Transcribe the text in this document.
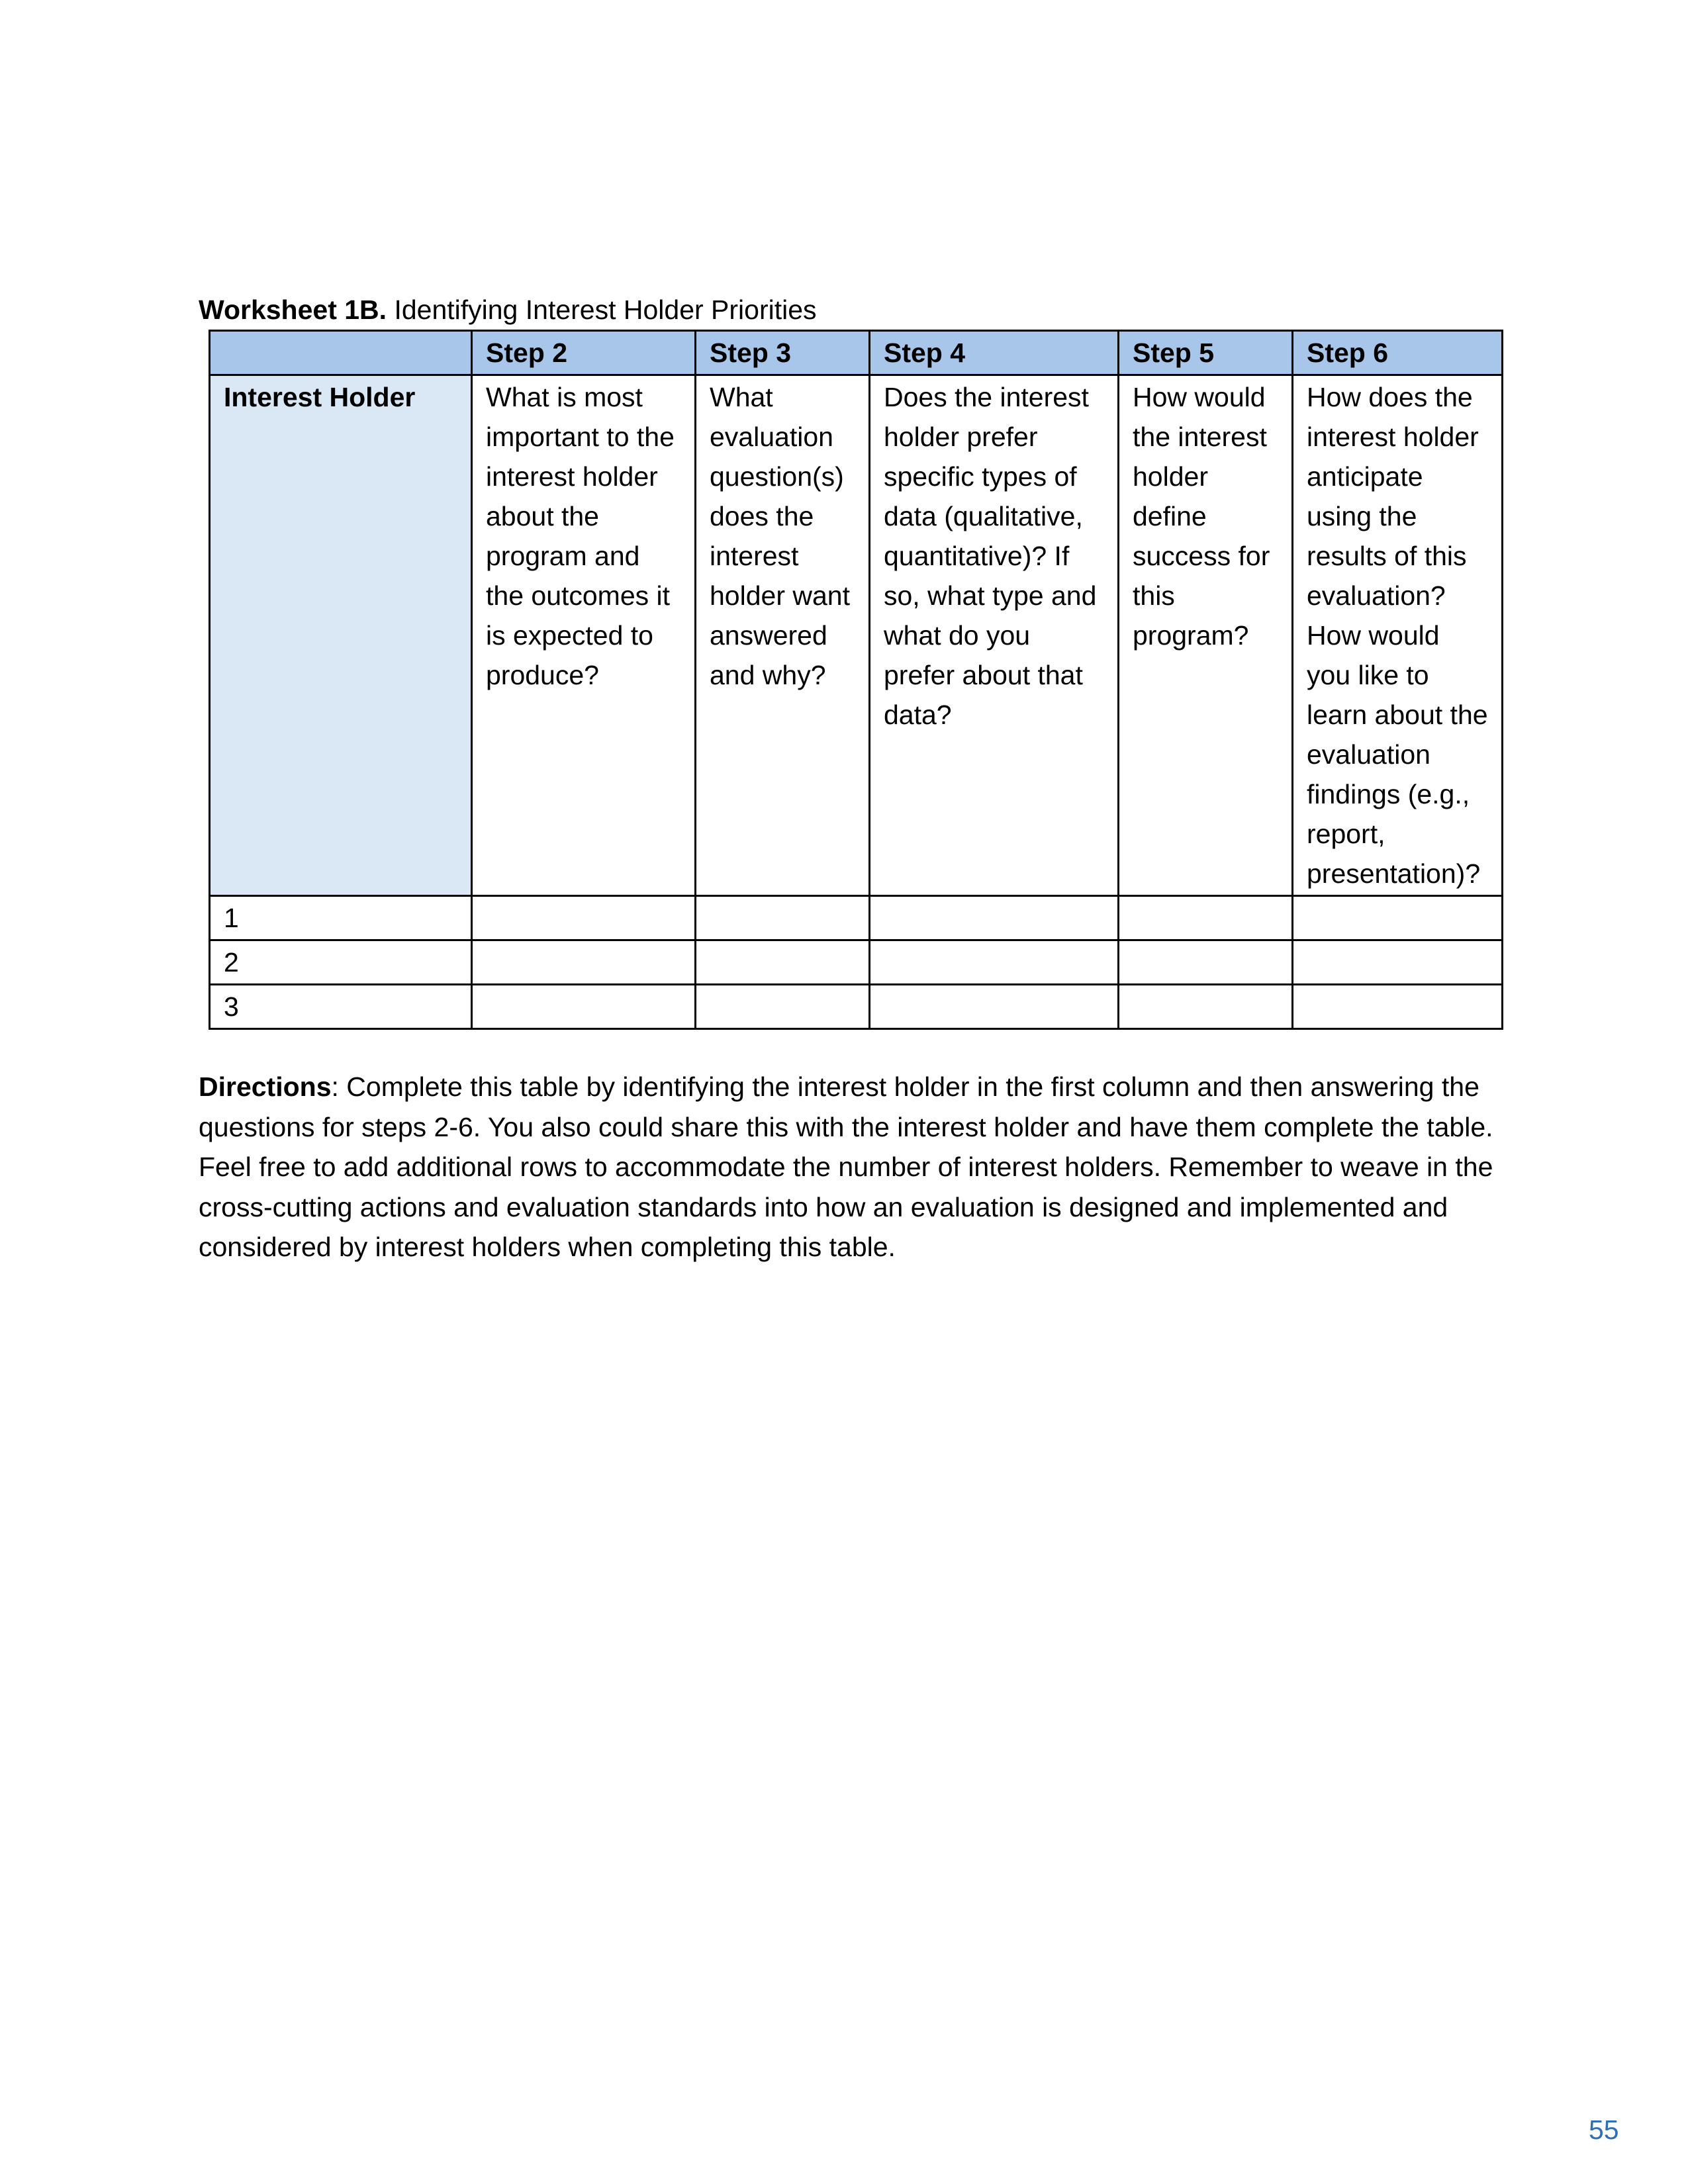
Worksheet 1B. Identifying Interest Holder Priorities
	Step 2	Step 3	Step 4	Step 5	Step 6
Interest Holder	What is most important to the interest holder about the program and the outcomes it is expected to produce?	What evaluation question(s) does the interest holder want answered and why?	Does the interest holder prefer specific types of data (qualitative, quantitative)? If so, what type and what do you prefer about that data?	How would the interest holder define success for this program?	How does the interest holder anticipate using the results of this evaluation? How would you like to learn about the evaluation findings (e.g., report, presentation)?
1					
2					
3					
Directions: Complete this table by identifying the interest holder in the first column and then answering the questions for steps 2-6. You also could share this with the interest holder and have them complete the table. Feel free to add additional rows to accommodate the number of interest holders. Remember to weave in the cross-cutting actions and evaluation standards into how an evaluation is designed and implemented and considered by interest holders when completing this table.
55
